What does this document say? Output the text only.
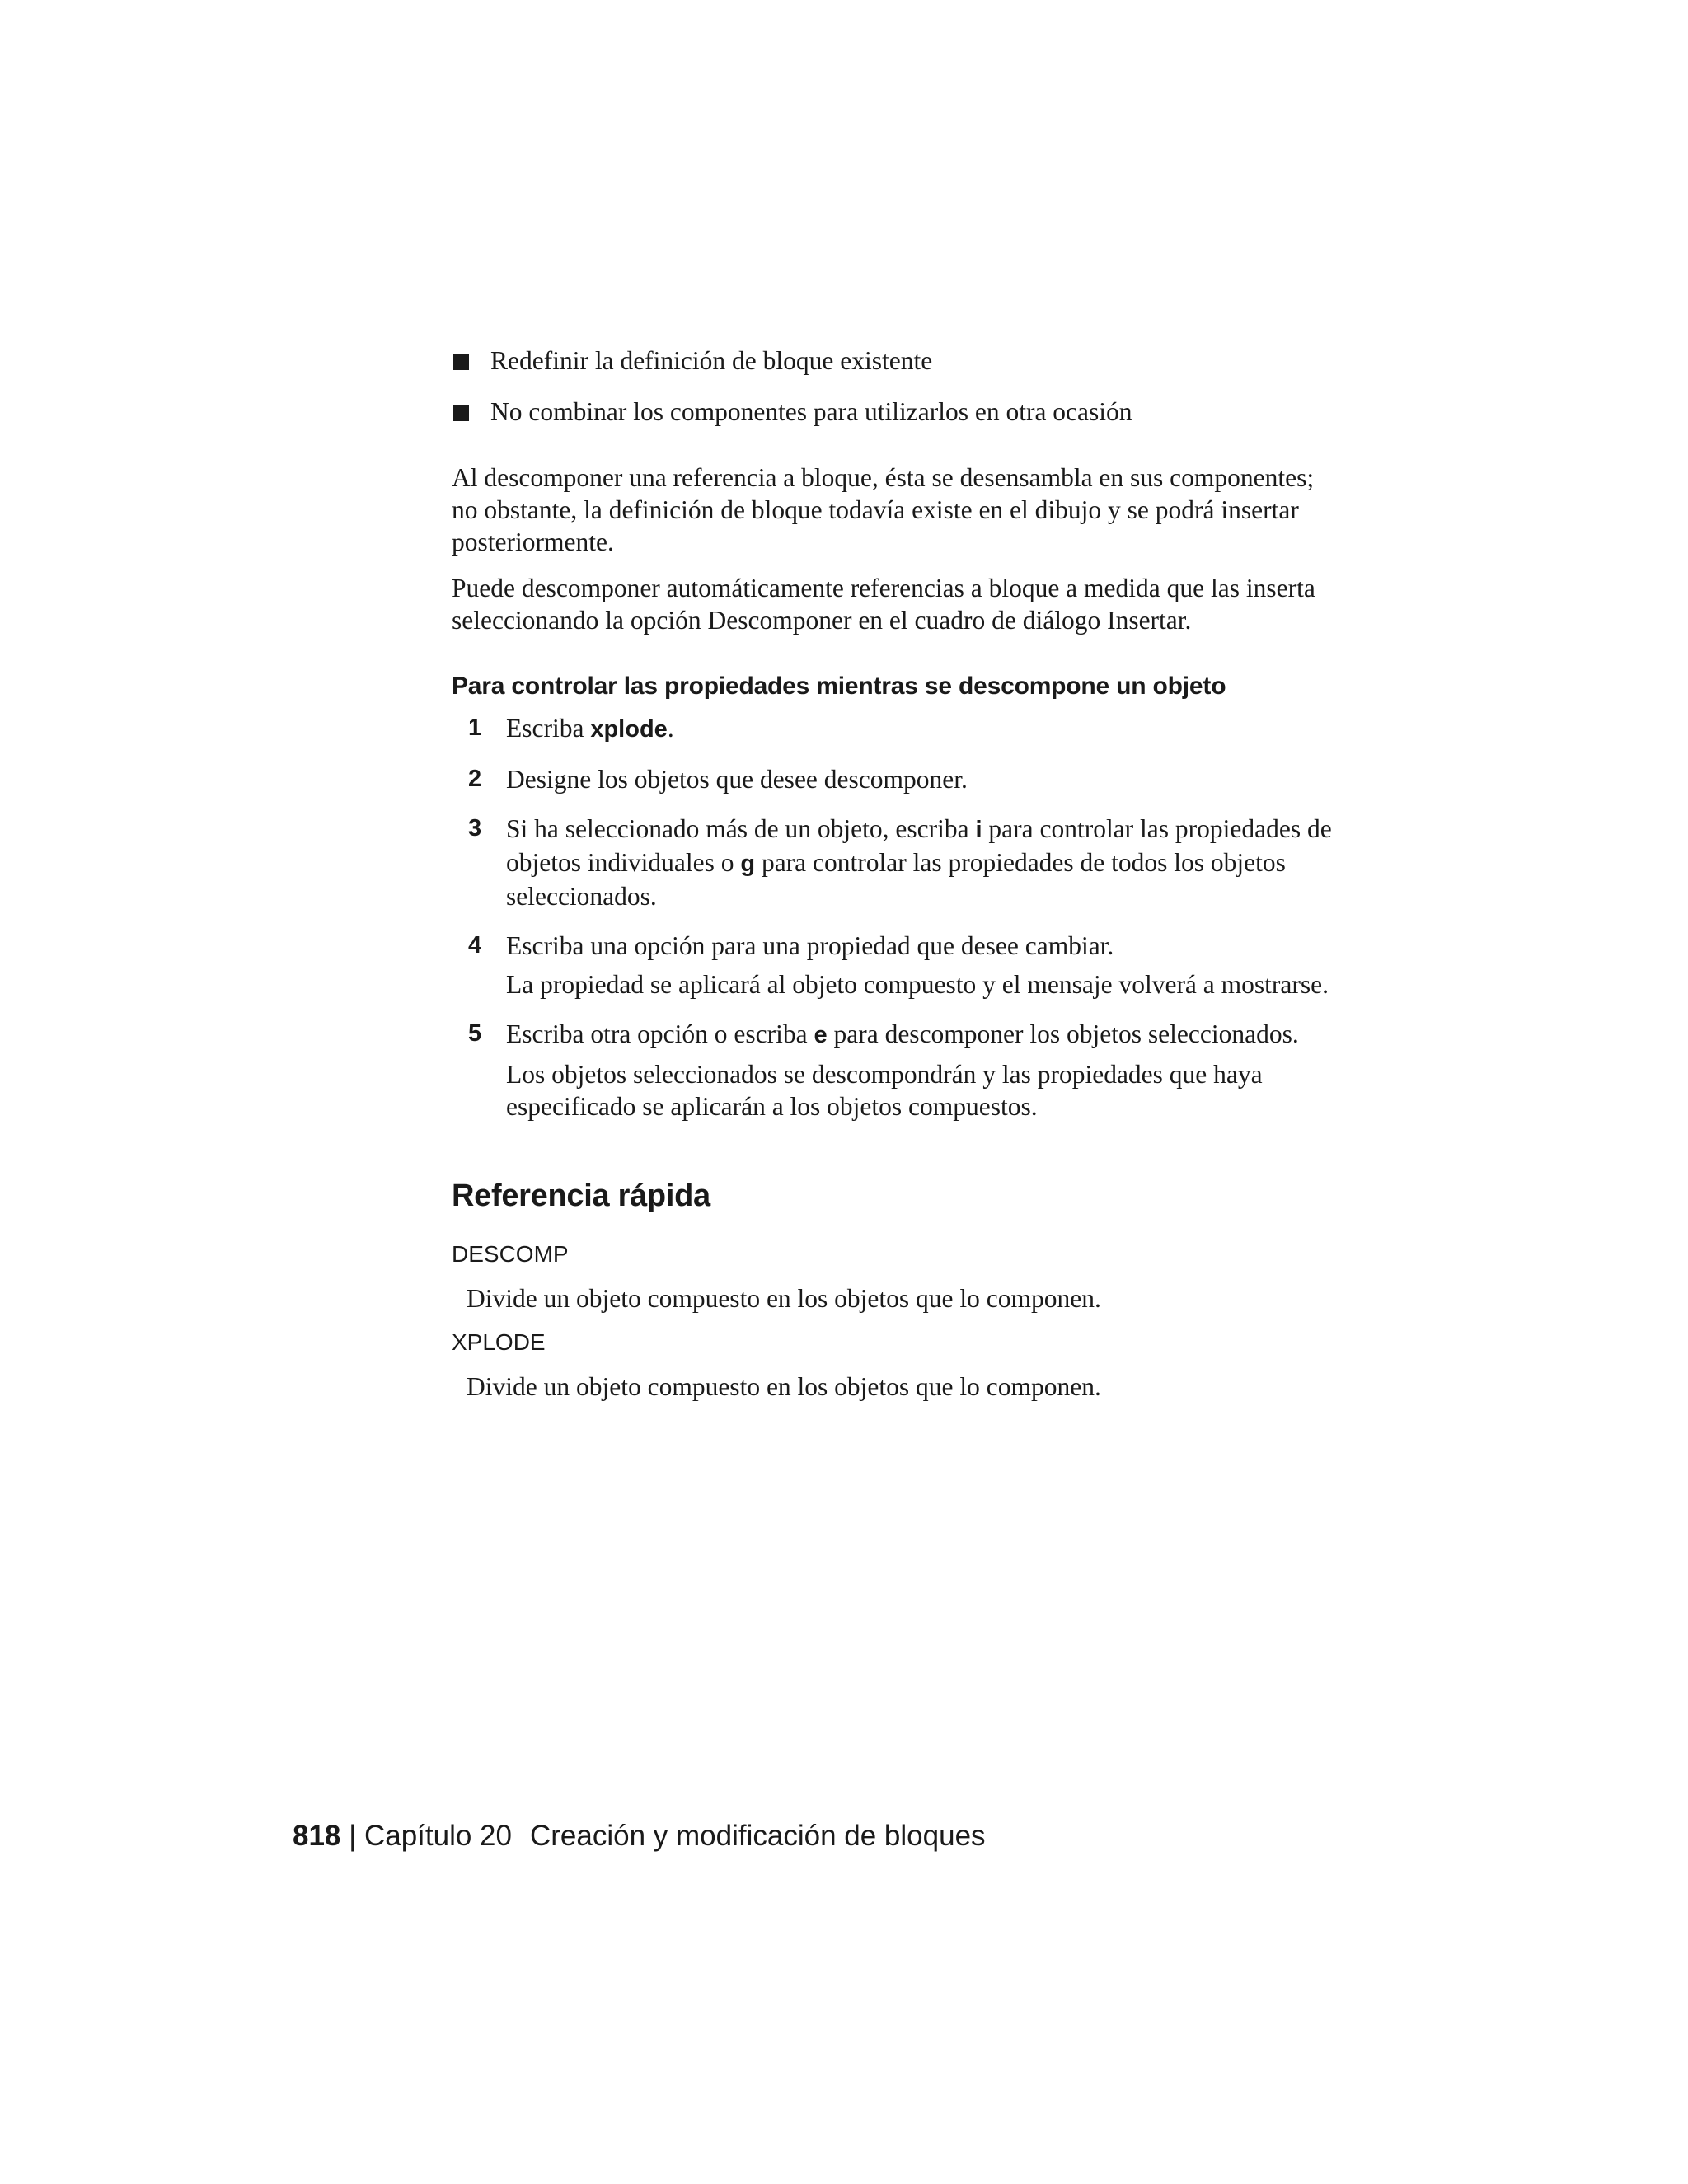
Redefinir la definición de bloque existente
No combinar los componentes para utilizarlos en otra ocasión

Al descomponer una referencia a bloque, ésta se desensambla en sus componentes; no obstante, la definición de bloque todavía existe en el dibujo y se podrá insertar posteriormente.

Puede descomponer automáticamente referencias a bloque a medida que las inserta seleccionando la opción Descomponer en el cuadro de diálogo Insertar.

Para controlar las propiedades mientras se descompone un objeto
1 Escriba xplode.
2 Designe los objetos que desee descomponer.
3 Si ha seleccionado más de un objeto, escriba i para controlar las propiedades de objetos individuales o g para controlar las propiedades de todos los objetos seleccionados.
4 Escriba una opción para una propiedad que desee cambiar.
La propiedad se aplicará al objeto compuesto y el mensaje volverá a mostrarse.
5 Escriba otra opción o escriba e para descomponer los objetos seleccionados.
Los objetos seleccionados se descompondrán y las propiedades que haya especificado se aplicarán a los objetos compuestos.
Referencia rápida
DESCOMP

Divide un objeto compuesto en los objetos que lo componen.

XPLODE

Divide un objeto compuesto en los objetos que lo componen.

818 | Capítulo 20 Creación y modificación de bloques
